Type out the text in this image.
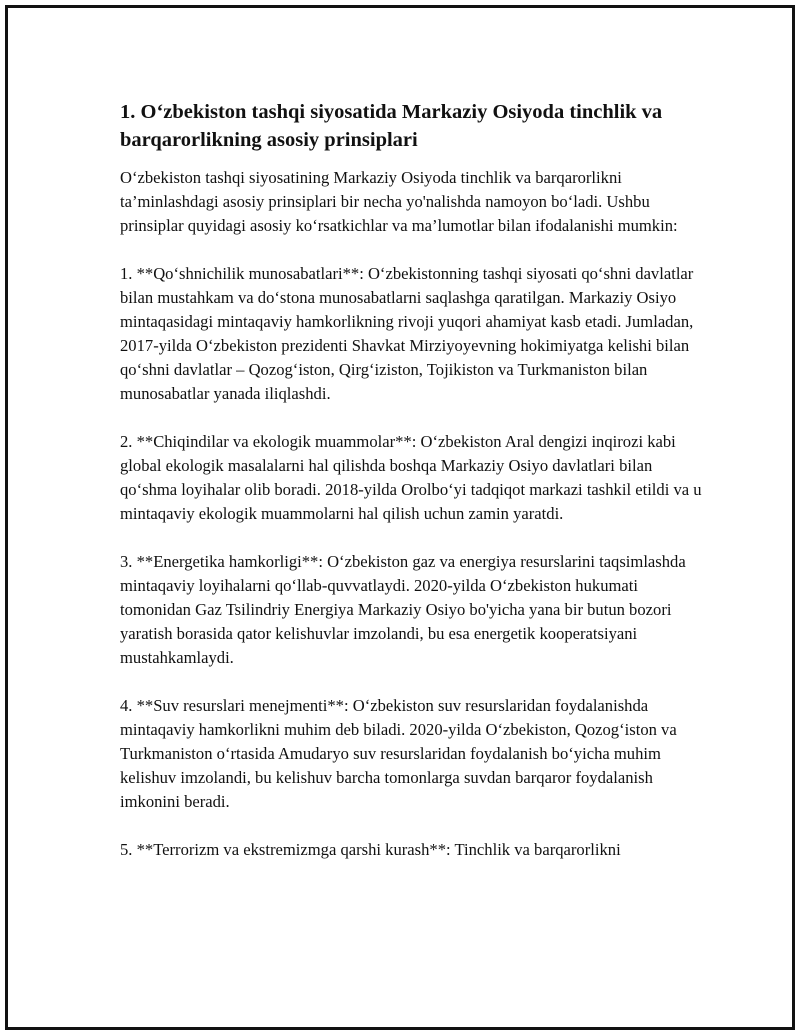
1. O‘zbekiston tashqi siyosatida Markaziy Osiyoda tinchlik va barqarorlikning asosiy prinsiplari

O‘zbekiston tashqi siyosatining Markaziy Osiyoda tinchlik va barqarorlikni ta’minlashdagi asosiy prinsiplari bir necha yo'nalishda namoyon bo‘ladi. Ushbu prinsiplar quyidagi asosiy ko‘rsatkichlar va ma’lumotlar bilan ifodalanishi mumkin:

1. **Qo‘shnichilik munosabatlari**: O‘zbekistonning tashqi siyosati qo‘shni davlatlar bilan mustahkam va do‘stona munosabatlarni saqlashga qaratilgan. Markaziy Osiyo mintaqasidagi mintaqaviy hamkorlikning rivoji yuqori ahamiyat kasb etadi. Jumladan, 2017-yilda O‘zbekiston prezidenti Shavkat Mirziyoyevning hokimiyatga kelishi bilan qo‘shni davlatlar – Qozog‘iston, Qirg‘iziston, Tojikiston va Turkmaniston bilan munosabatlar yanada iliqlashdi.

2. **Chiqindilar va ekologik muammolar**: O‘zbekiston Aral dengizi inqirozi kabi global ekologik masalalarni hal qilishda boshqa Markaziy Osiyo davlatlari bilan qo‘shma loyihalar olib boradi. 2018-yilda Orolbo‘yi tadqiqot markazi tashkil etildi va u mintaqaviy ekologik muammolarni hal qilish uchun zamin yaratdi.

3. **Energetika hamkorligi**: O‘zbekiston gaz va energiya resurslarini taqsimlashda mintaqaviy loyihalarni qo‘llab-quvvatlaydi. 2020-yilda O‘zbekiston hukumati tomonidan Gaz Tsilindriy Energiya Markaziy Osiyo bo'yicha yana bir butun bozori yaratish borasida qator kelishuvlar imzolandi, bu esa energetik kooperatsiyani mustahkamlaydi.

4. **Suv resurslari menejmenti**: O‘zbekiston suv resurslaridan foydalanishda mintaqaviy hamkorlikni muhim deb biladi. 2020-yilda O‘zbekiston, Qozog‘iston va Turkmaniston o‘rtasida Amudaryo suv resurslaridan foydalanish bo‘yicha muhim kelishuv imzolandi, bu kelishuv barcha tomonlarga suvdan barqaror foydalanish imkonini beradi.

5. **Terrorizm va ekstremizmga qarshi kurash**: Tinchlik va barqarorlikni
